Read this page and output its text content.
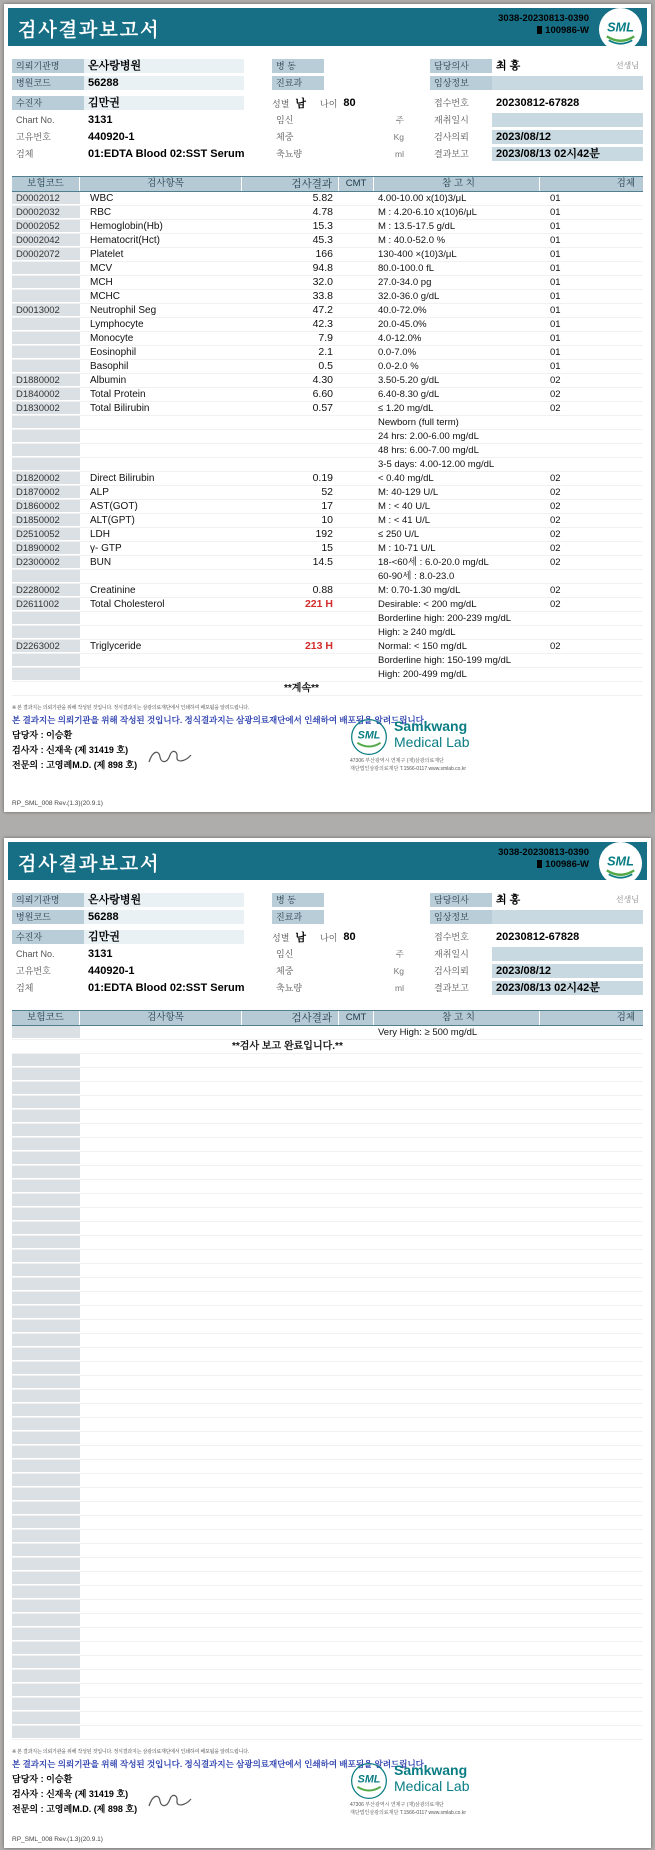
검사결과보고서
3038-20230813-0390
100986-W SML
의뢰기관명	온사랑병원	병 동	담당의사	최 홍	선생님
병원코드	56288	진료과	임상정보
수진자	김만권	성별 남 나이 80	접수번호	20230812-67828
Chart No.	3131	임신	주	재취일시
고유번호	440920-1	체중	Kg	검사의뢰	2023/08/12
검체	01:EDTA Blood 02:SST Serum	축뇨량	ml	결과보고	2023/08/13 02시42분
보험코드	검사항목	검사결과	CMT	참 고 치	검체
D0002012	WBC	5.82	4.00-10.00 x(10)3/μL	01
D0002032	RBC	4.78	M : 4.20-6.10 x(10)6/μL	01
D0002052	Hemoglobin(Hb)	15.3	M : 13.5-17.5 g/dL	01
D0002042	Hematocrit(Hct)	45.3	M : 40.0-52.0 %	01
D0002072	Platelet	166	130-400 ×(10)3/μL	01
MCV	94.8	80.0-100.0 fL	01
MCH	32.0	27.0-34.0 pg	01
MCHC	33.8	32.0-36.0 g/dL	01
D0013002	Neutrophil Seg	47.2	40.0-72.0%	01
Lymphocyte	42.3	20.0-45.0%	01
Monocyte	7.9	4.0-12.0%	01
Eosinophil	2.1	0.0-7.0%	01
Basophil	0.5	0.0-2.0 %	01
D1880002	Albumin	4.30	3.50-5.20 g/dL	02
D1840002	Total Protein	6.60	6.40-8.30 g/dL	02
D1830002	Total Bilirubin	0.57	≤ 1.20 mg/dL	02
Newborn (full term)
24 hrs: 2.00-6.00 mg/dL
48 hrs: 6.00-7.00 mg/dL
3-5 days: 4.00-12.00 mg/dL
D1820002	Direct Bilirubin	0.19	< 0.40 mg/dL	02
D1870002	ALP	52	M: 40-129 U/L	02
D1860002	AST(GOT)	17	M : < 40 U/L	02
D1850002	ALT(GPT)	10	M : < 41 U/L	02
D2510052	LDH	192	≤ 250 U/L	02
D1890002	γ- GTP	15	M : 10-71 U/L	02
D2300002	BUN	14.5	18-<60세 : 6.0-20.0 mg/dL	02
60-90세 : 8.0-23.0
D2280002	Creatinine	0.88	M: 0.70-1.30 mg/dL	02
D2611002	Total Cholesterol	221 H	Desirable: < 200 mg/dL	02
Borderline high: 200-239 mg/dL
High: ≥ 240 mg/dL
D2263002	Triglyceride	213 H	Normal: < 150 mg/dL	02
Borderline high: 150-199 mg/dL
High: 200-499 mg/dL
**계속**
※ 본 결과지는 의뢰기관을 위해 작성된 것입니다. 정식결과지는 삼광의료재단에서 인쇄하여 배포됨을 알려드립니다.
본 결과지는 의뢰기관을 위해 작성된 것입니다. 정식결과지는 삼광의료재단에서 인쇄하여 배포됨을 알려드립니다.
담당자 : 이승환
검사자 : 신재욱 (제 31419 호)
전문의 : 고영례M.D. (제 898 호)
SML
Samkwang
Medical Lab
47306 부산광역시 연제구 (재)삼광의료재단
재단법인삼광의료재단 T.1566-0117 www.smlab.co.kr
RP_SML_008 Rev.(1.3)(20.9.1)
검사결과보고서
3038-20230813-0390
100986-W SML
의뢰기관명	온사랑병원	병 동	담당의사	최 홍	선생님
병원코드	56288	진료과	임상정보
수진자	김만권	성별 남 나이 80	접수번호	20230812-67828
Chart No.	3131	임신	주	재취일시
고유번호	440920-1	체중	Kg	검사의뢰	2023/08/12
검체	01:EDTA Blood 02:SST Serum	축뇨량	ml	결과보고	2023/08/13 02시42분
보험코드	검사항목	검사결과	CMT	참 고 치	검체
Very High: ≥ 500 mg/dL
**검사 보고 완료입니다.**
※ 본 결과지는 의뢰기관을 위해 작성된 것입니다. 정식결과지는 삼광의료재단에서 인쇄하여 배포됨을 알려드립니다.
본 결과지는 의뢰기관을 위해 작성된 것입니다. 정식결과지는 삼광의료재단에서 인쇄하여 배포됨을 알려드립니다.
담당자 : 이승환
검사자 : 신재욱 (제 31419 호)
전문의 : 고영례M.D. (제 898 호)
SML
Samkwang
Medical Lab
47306 부산광역시 연제구 (재)삼광의료재단
재단법인삼광의료재단 T.1566-0117 www.smlab.co.kr
RP_SML_008 Rev.(1.3)(20.9.1)
